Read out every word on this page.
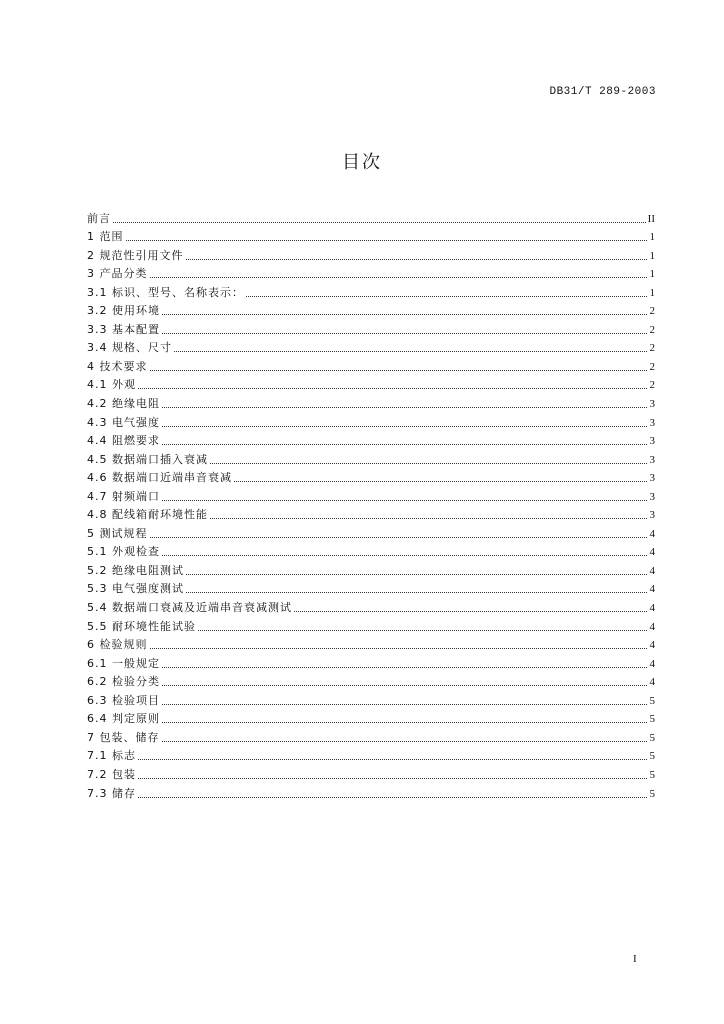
DB31/T 289-2003
目次
前言	II
1 范围	1
2 规范性引用文件	1
3 产品分类	1
3.1 标识、型号、名称表示：	1
3.2 使用环境	2
3.3 基本配置	2
3.4 规格、尺寸	2
4 技术要求	2
4.1 外观	2
4.2 绝缘电阻	3
4.3 电气强度	3
4.4 阻燃要求	3
4.5 数据端口插入衰减	3
4.6 数据端口近端串音衰减	3
4.7 射频端口	3
4.8 配线箱耐环境性能	3
5 测试规程	4
5.1 外观检查	4
5.2 绝缘电阻测试	4
5.3 电气强度测试	4
5.4 数据端口衰减及近端串音衰减测试	4
5.5 耐环境性能试验	4
6 检验规则	4
6.1 一般规定	4
6.2 检验分类	4
6.3 检验项目	5
6.4 判定原则	5
7 包装、储存	5
7.1 标志	5
7.2 包装	5
7.3 储存	5
I
